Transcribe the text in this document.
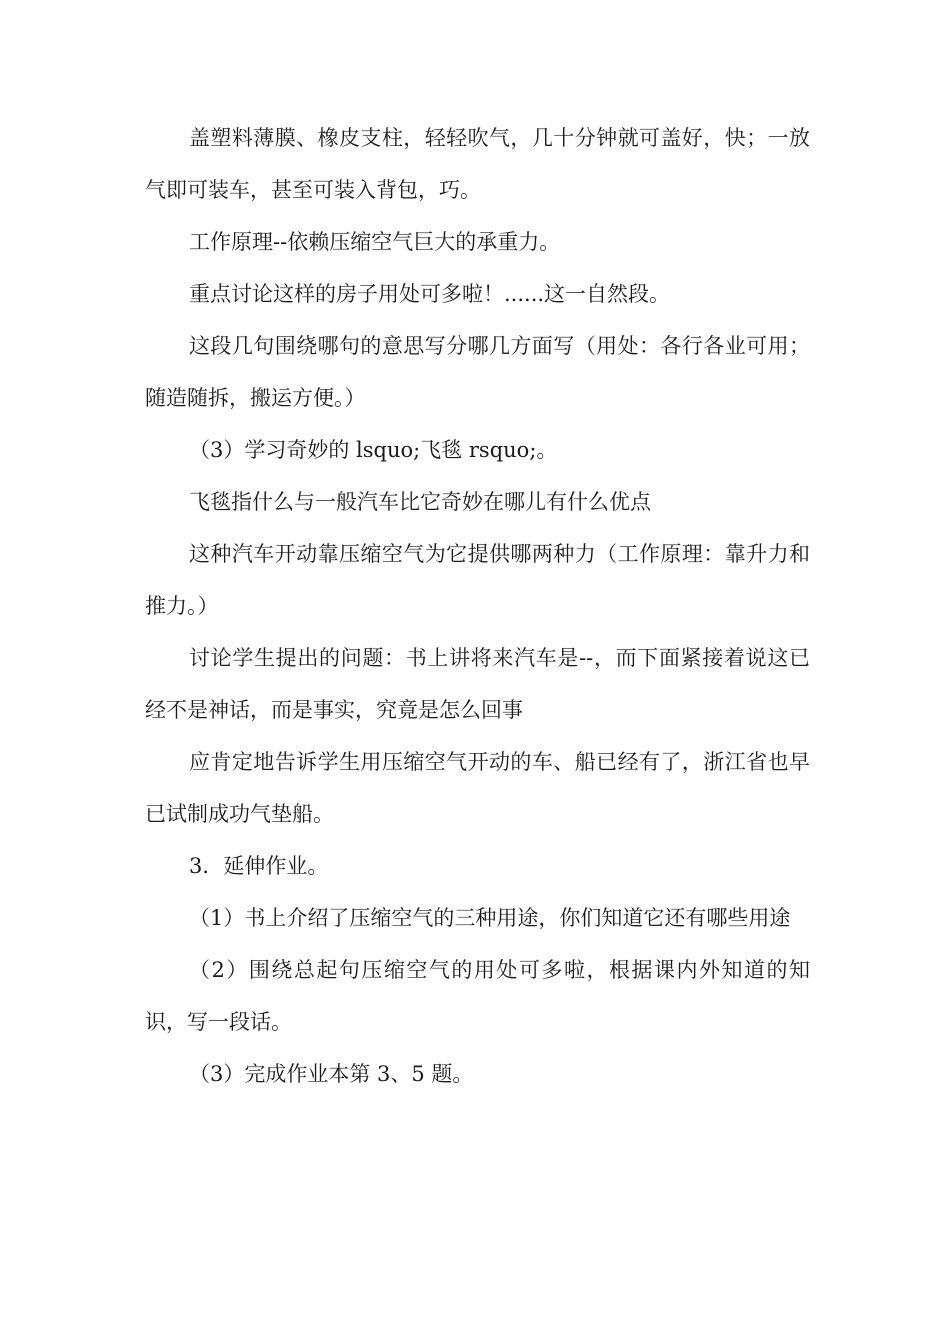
盖塑料薄膜、橡皮支柱，轻轻吹气，几十分钟就可盖好，快；一放气即可装车，甚至可装入背包，巧。

工作原理--依赖压缩空气巨大的承重力。

重点讨论这样的房子用处可多啦！......这一自然段。

这段几句围绕哪句的意思写分哪几方面写（用处：各行各业可用；随造随拆，搬运方便。）

（3）学习奇妙的 lsquo;飞毯 rsquo;。

飞毯指什么与一般汽车比它奇妙在哪儿有什么优点

这种汽车开动靠压缩空气为它提供哪两种力（工作原理：靠升力和推力。）

讨论学生提出的问题：书上讲将来汽车是--，而下面紧接着说这已经不是神话，而是事实，究竟是怎么回事

应肯定地告诉学生用压缩空气开动的车、船已经有了，浙江省也早已试制成功气垫船。

3．延伸作业。

（1）书上介绍了压缩空气的三种用途，你们知道它还有哪些用途

（2）围绕总起句压缩空气的用处可多啦，根据课内外知道的知识，写一段话。

（3）完成作业本第 3、5 题。
